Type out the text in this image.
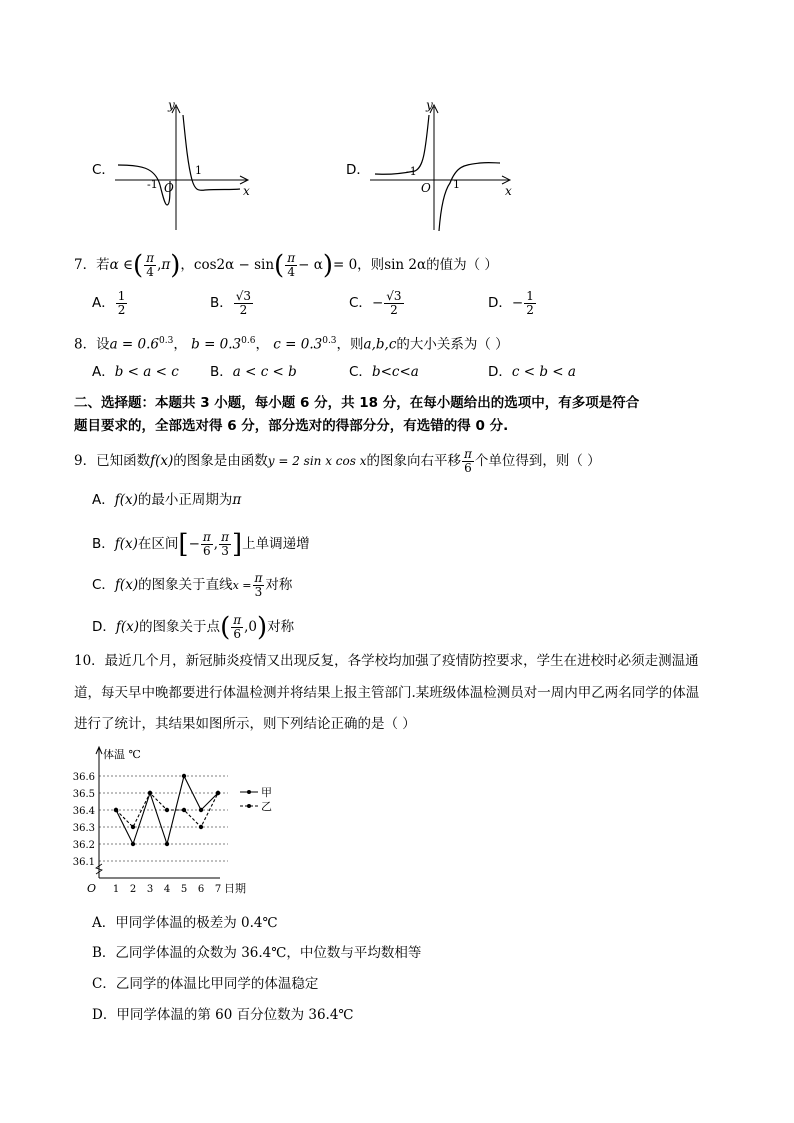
C．
y
x
O
-1
1	D．
y
x
O
-1
1
7．若α ∈( $\frac{\pi}{4} ,\pi$)，$\cos 2\alpha - \sin( \frac{\pi}{4} - \alpha)= 0$，则sin 2α的值为（ ）
A． $\frac{1}{2}$	B． $\frac{√3}{2}$	C．− $\frac{√3}{2}$	D．− $\frac{1}{2}$
8．设$a = 0.6^{0.3}$， $b = 0.3^{0.6}$， $c = 0.3^{0.3}$，则a,b,c的大小关系为（ ）
A．b < a < c B．a < c < b	C．b<c<a	D．c < b < a
二、选择题：本题共 3 小题，每小题 6 分，共 18 分，在每小题给出的选项中，有多项是符合
题目要求的，全部选对得 6 分，部分选对的得部分分，有选错的得 0 分.
9．已知函数f(x)的图象是由函数y = 2 sin x cos x的图象向右平移 $\frac{\pi}{6}$ 个单位得到，则（ ）
A．f(x)的最小正周期为π
B．f(x)在区间[− $\frac{\pi}{6}$ , $\frac{\pi}{3}$ ]上单调递增
C．f(x)的图象关于直线$x = \frac{\pi}{3}$ 对称
D．f(x)的图象关于点( $\frac{\pi}{6} ,0$)对称
10．最近几个月，新冠肺炎疫情又出现反复，各学校均加强了疫情防控要求，学生在进校时必须走测温通
道，每天早中晚都要进行体温检测并将结果上报主管部门.某班级体温检测员对一周内甲乙两名同学的体温
进行了统计，其结果如图所示，则下列结论正确的是（ ）
36.1
36.2
36.3
36.4
36.5
36.6
体温 ℃
O 1 2 3 4 5 6 7 日期
甲
乙
A．甲同学体温的极差为 0.4℃
B．乙同学体温的众数为 36.4℃，中位数与平均数相等
C．乙同学的体温比甲同学的体温稳定
D．甲同学体温的第 60 百分位数为 36.4℃
